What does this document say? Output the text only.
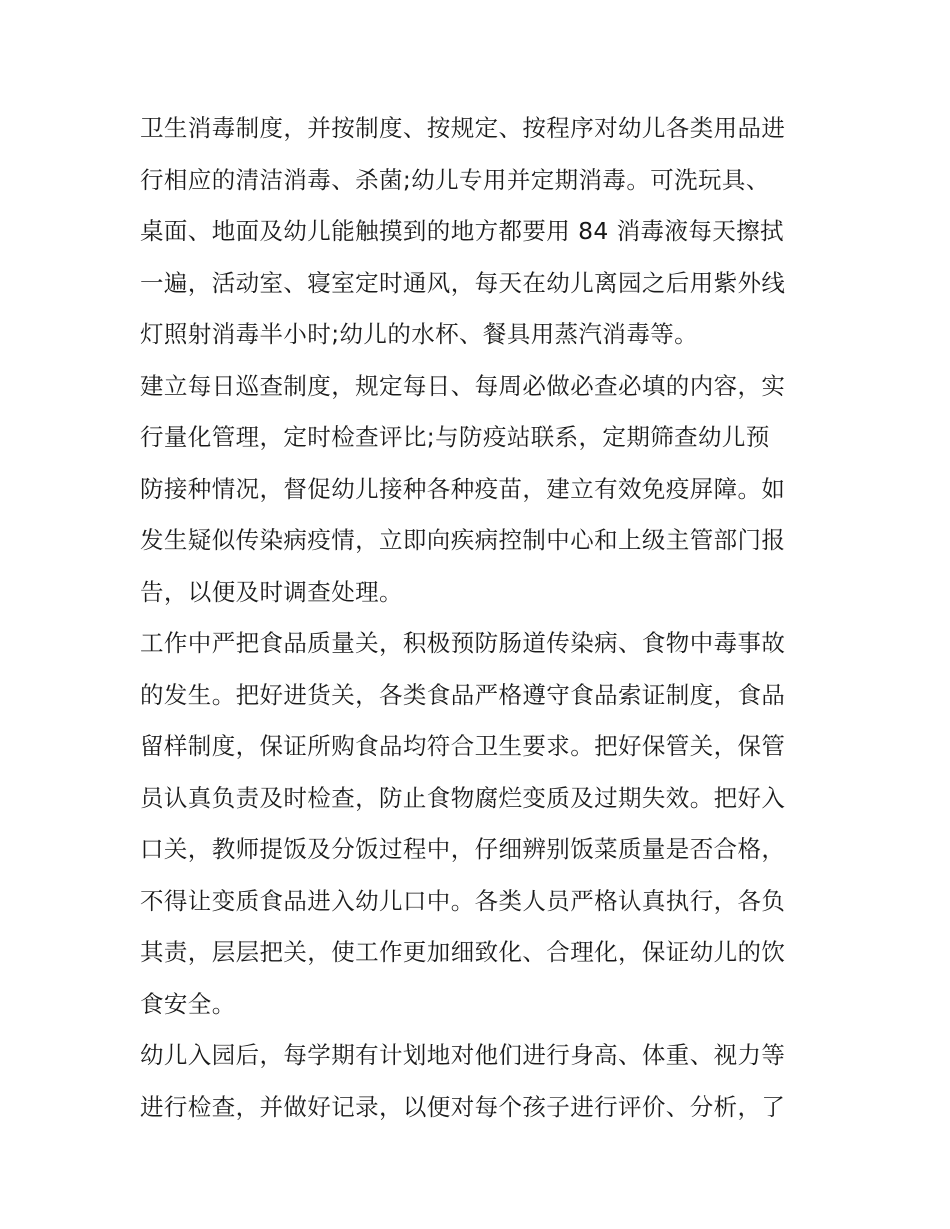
卫生消毒制度，并按制度、按规定、按程序对幼儿各类用品进
行相应的清洁消毒、杀菌;幼儿专用并定期消毒。可洗玩具、
桌面、地面及幼儿能触摸到的地方都要用 84 消毒液每天擦拭
一遍，活动室、寝室定时通风，每天在幼儿离园之后用紫外线
灯照射消毒半小时;幼儿的水杯、餐具用蒸汽消毒等。
建立每日巡查制度，规定每日、每周必做必查必填的内容，实
行量化管理，定时检查评比;与防疫站联系，定期筛查幼儿预
防接种情况，督促幼儿接种各种疫苗，建立有效免疫屏障。如
发生疑似传染病疫情，立即向疾病控制中心和上级主管部门报
告，以便及时调查处理。
工作中严把食品质量关，积极预防肠道传染病、食物中毒事故
的发生。把好进货关，各类食品严格遵守食品索证制度，食品
留样制度，保证所购食品均符合卫生要求。把好保管关，保管
员认真负责及时检查，防止食物腐烂变质及过期失效。把好入
口关，教师提饭及分饭过程中，仔细辨别饭菜质量是否合格，
不得让变质食品进入幼儿口中。各类人员严格认真执行，各负
其责，层层把关，使工作更加细致化、合理化，保证幼儿的饮
食安全。
幼儿入园后，每学期有计划地对他们进行身高、体重、视力等
进行检查，并做好记录，以便对每个孩子进行评价、分析，了
